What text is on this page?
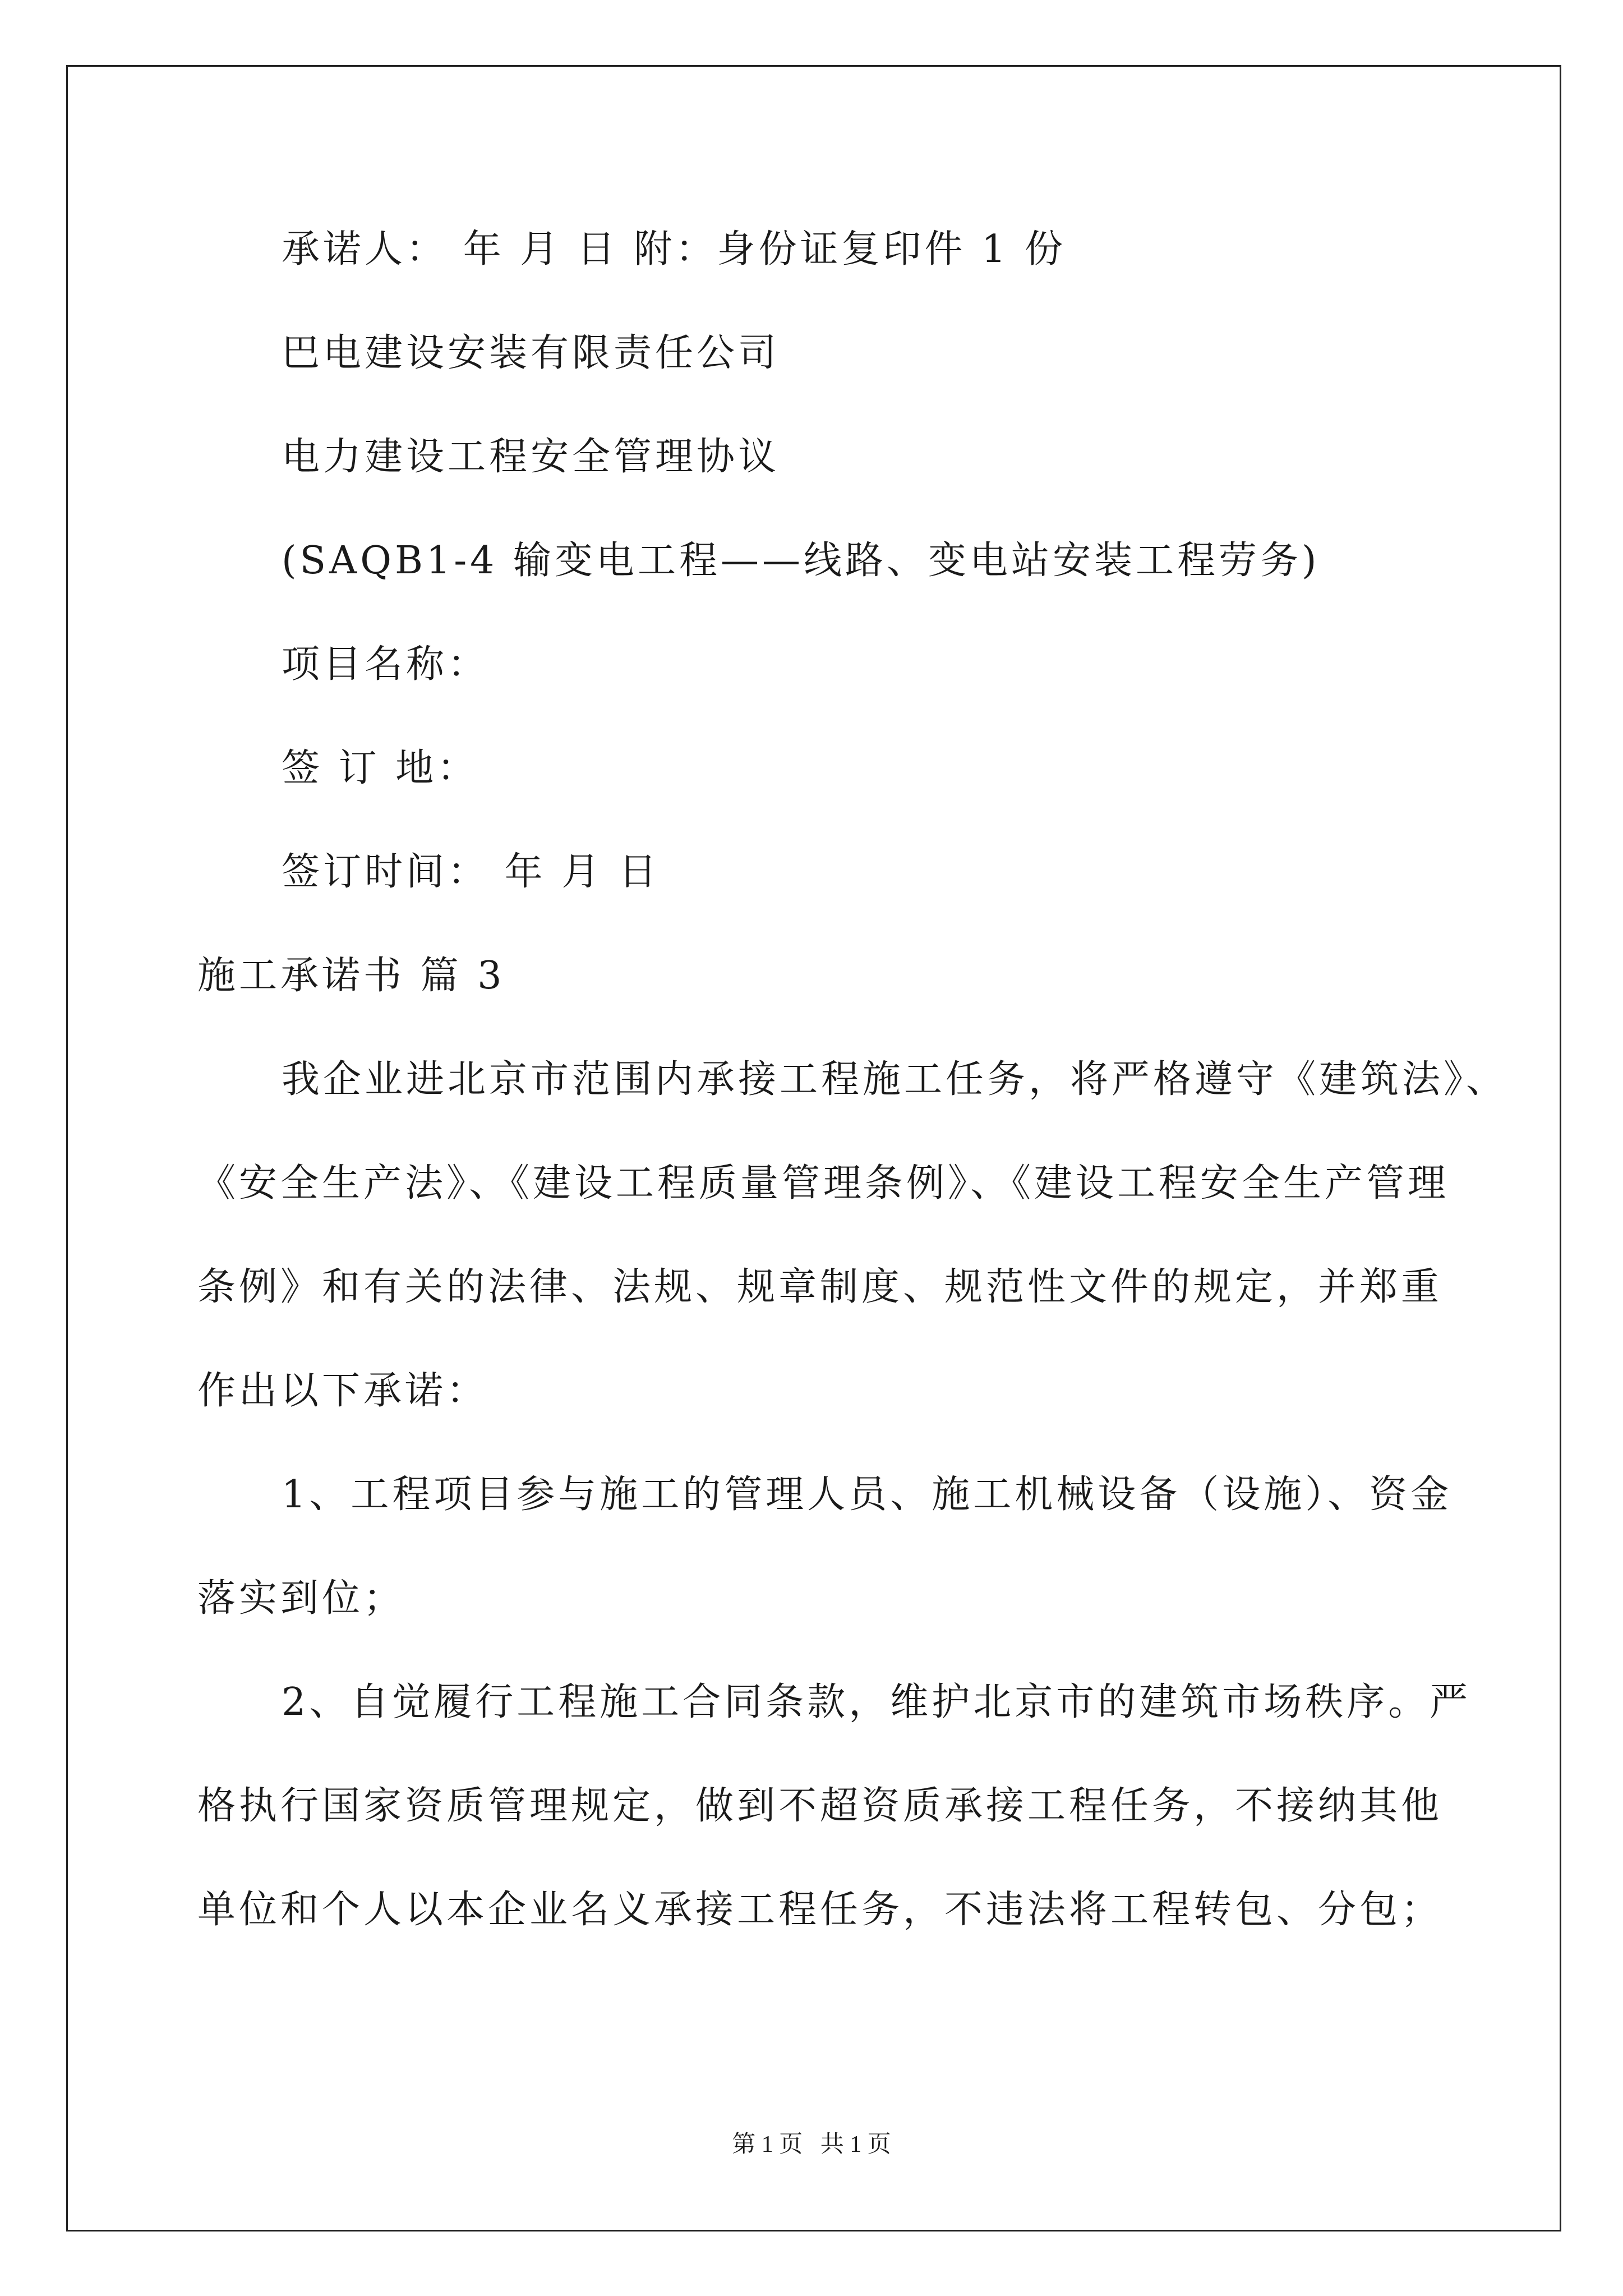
承诺人： 年 月 日 附：身份证复印件 1 份
巴电建设安装有限责任公司
电力建设工程安全管理协议
(SAQB1-4 输变电工程——线路、变电站安装工程劳务)
项目名称：
签 订 地：
签订时间： 年 月 日
施工承诺书 篇 3
我企业进北京市范围内承接工程施工任务，将严格遵守《建筑法》、
《安全生产法》、《建设工程质量管理条例》、《建设工程安全生产管理
条例》和有关的法律、法规、规章制度、规范性文件的规定，并郑重
作出以下承诺：
1、工程项目参与施工的管理人员、施工机械设备（设施）、资金
落实到位；
2、自觉履行工程施工合同条款，维护北京市的建筑市场秩序。严
格执行国家资质管理规定，做到不超资质承接工程任务，不接纳其他
单位和个人以本企业名义承接工程任务，不违法将工程转包、分包；
第 1 页   共 1 页
